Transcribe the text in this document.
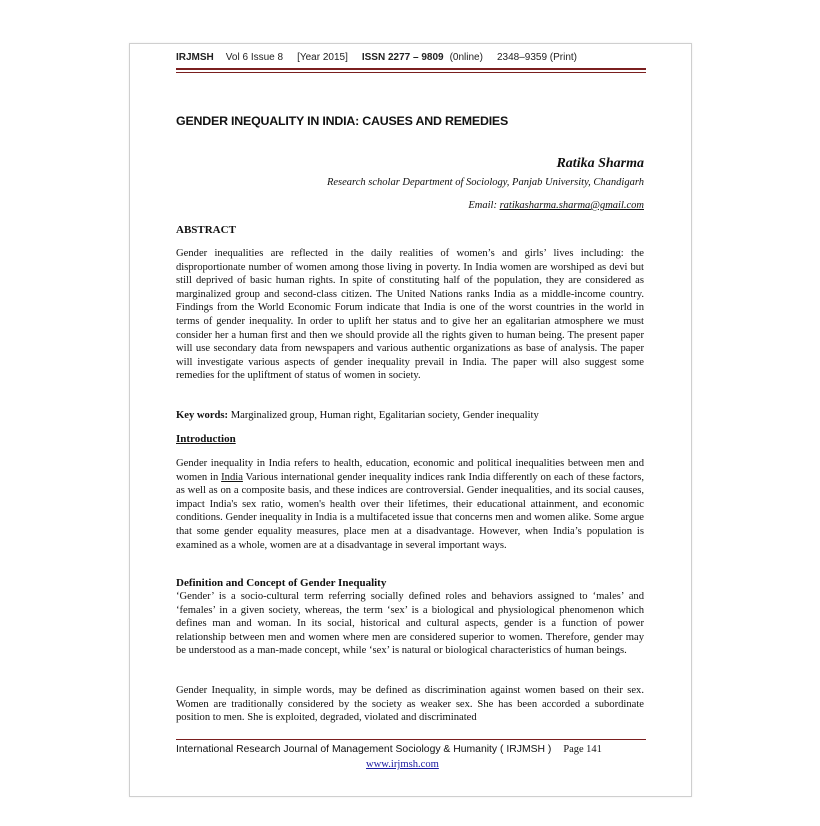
IRJMSH Vol 6 Issue 8 [Year 2015] ISSN 2277 – 9809 (0nline) 2348–9359 (Print)
GENDER INEQUALITY IN INDIA: CAUSES AND REMEDIES
Ratika Sharma
Research scholar Department of Sociology, Panjab University, Chandigarh
Email: ratikasharma.sharma@gmail.com
ABSTRACT
Gender inequalities are reflected in the daily realities of women’s and girls’ lives including: the disproportionate number of women among those living in poverty. In India women are worshiped as devi but still deprived of basic human rights. In spite of constituting half of the population, they are considered as marginalized group and second-class citizen. The United Nations ranks India as a middle-income country. Findings from the World Economic Forum indicate that India is one of the worst countries in the world in terms of gender inequality. In order to uplift her status and to give her an egalitarian atmosphere we must consider her a human first and then we should provide all the rights given to human being. The present paper will use secondary data from newspapers and various authentic organizations as base of analysis. The paper will investigate various aspects of gender inequality prevail in India. The paper will also suggest some remedies for the upliftment of status of women in society.
Key words: Marginalized group, Human right, Egalitarian society, Gender inequality
Introduction
Gender inequality in India refers to health, education, economic and political inequalities between men and women in India Various international gender inequality indices rank India differently on each of these factors, as well as on a composite basis, and these indices are controversial. Gender inequalities, and its social causes, impact India's sex ratio, women's health over their lifetimes, their educational attainment, and economic conditions. Gender inequality in India is a multifaceted issue that concerns men and women alike. Some argue that some gender equality measures, place men at a disadvantage. However, when India’s population is examined as a whole, women are at a disadvantage in several important ways.
Definition and Concept of Gender Inequality
‘Gender’ is a socio-cultural term referring socially defined roles and behaviors assigned to ‘males’ and ‘females’ in a given society, whereas, the term ‘sex’ is a biological and physiological phenomenon which defines man and woman. In its social, historical and cultural aspects, gender is a function of power relationship between men and women where men are considered superior to women. Therefore, gender may be understood as a man-made concept, while ‘sex’ is natural or biological characteristics of human beings.
Gender Inequality, in simple words, may be defined as discrimination against women based on their sex. Women are traditionally considered by the society as weaker sex. She has been accorded a subordinate position to men. She is exploited, degraded, violated and discriminated
International Research Journal of Management Sociology & Humanity ( IRJMSH ) Page 141
www.irjmsh.com
